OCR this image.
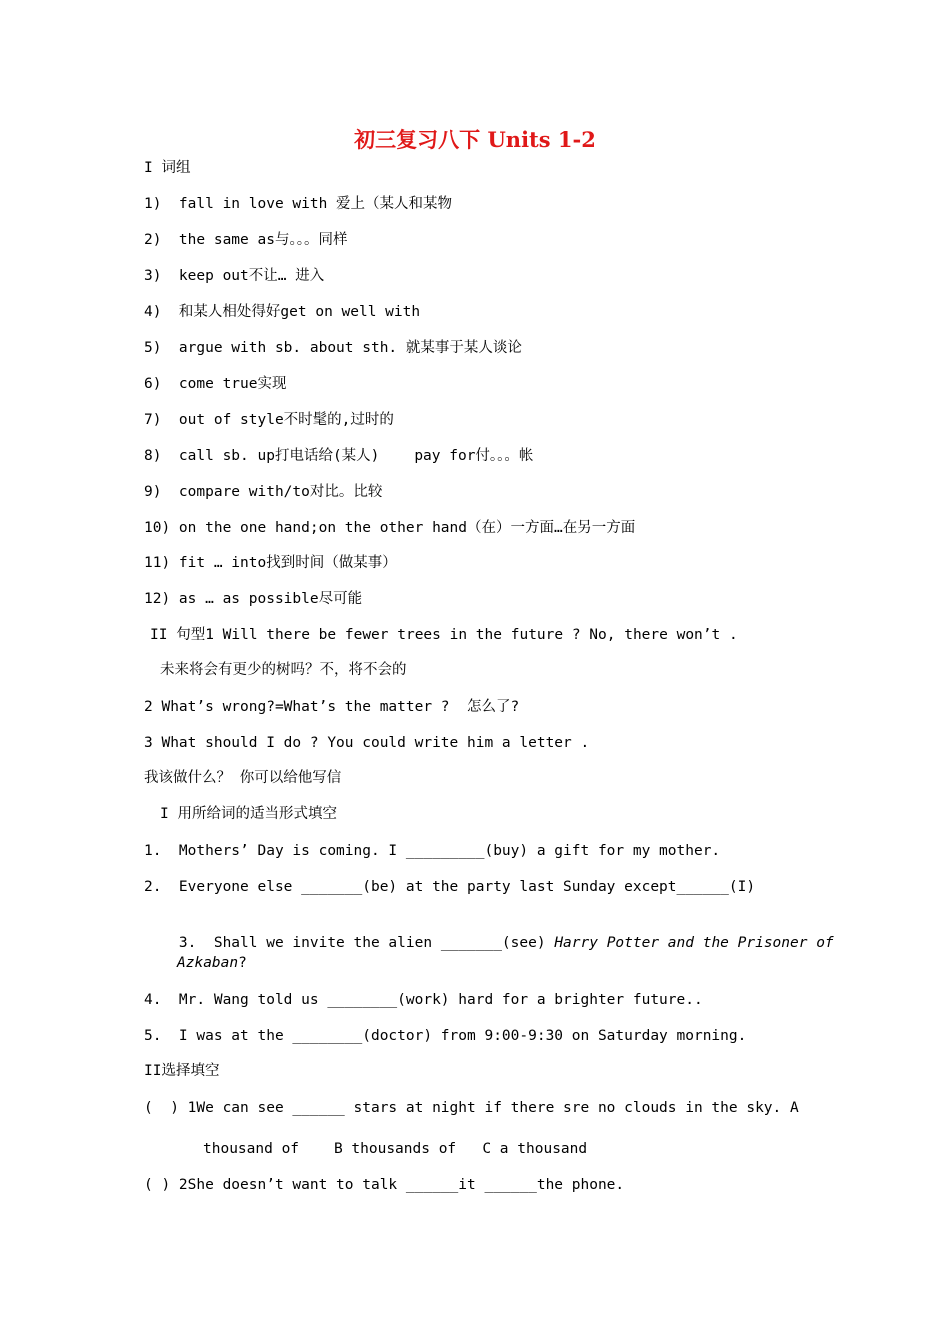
初三复习八下 Units 1-2
I 词组
1)  fall in love with 爱上（某人和某物
2)  the same as与。。。同样
3)  keep out不让… 进入
4)  和某人相处得好get on well with
5)  argue with sb. about sth. 就某事于某人谈论
6)  come true实现
7)  out of style不时髦的,过时的
8)  call sb. up打电话给(某人)    pay for付。。。帐
9)  compare with/to对比。比较
10) on the one hand;on the other hand（在）一方面…在另一方面
11) fit … into找到时间（做某事）
12) as … as possible尽可能
II 句型1 Will there be fewer trees in the future ? No, there won’t .
未来将会有更少的树吗？不，将不会的
2 What’s wrong?=What’s the matter ?  怎么了?
3 What should I do ? You could write him a letter .
我该做什么？ 你可以给他写信
I 用所给词的适当形式填空
1.  Mothers’ Day is coming. I _________(buy) a gift for my mother.
2.  Everyone else _______(be) at the party last Sunday except______(I)

3.  Shall we invite the alien _______(see) Harry Potter and the Prisoner of

Azkaban?
4.  Mr. Wang told us ________(work) hard for a brighter future..
5.  I was at the ________(doctor) from 9:00-9:30 on Saturday morning.
II选择填空
(  ) 1We can see ______ stars at night if there sre no clouds in the sky. A
thousand of    B thousands of   C a thousand
( ) 2She doesn’t want to talk ______it ______the phone.
